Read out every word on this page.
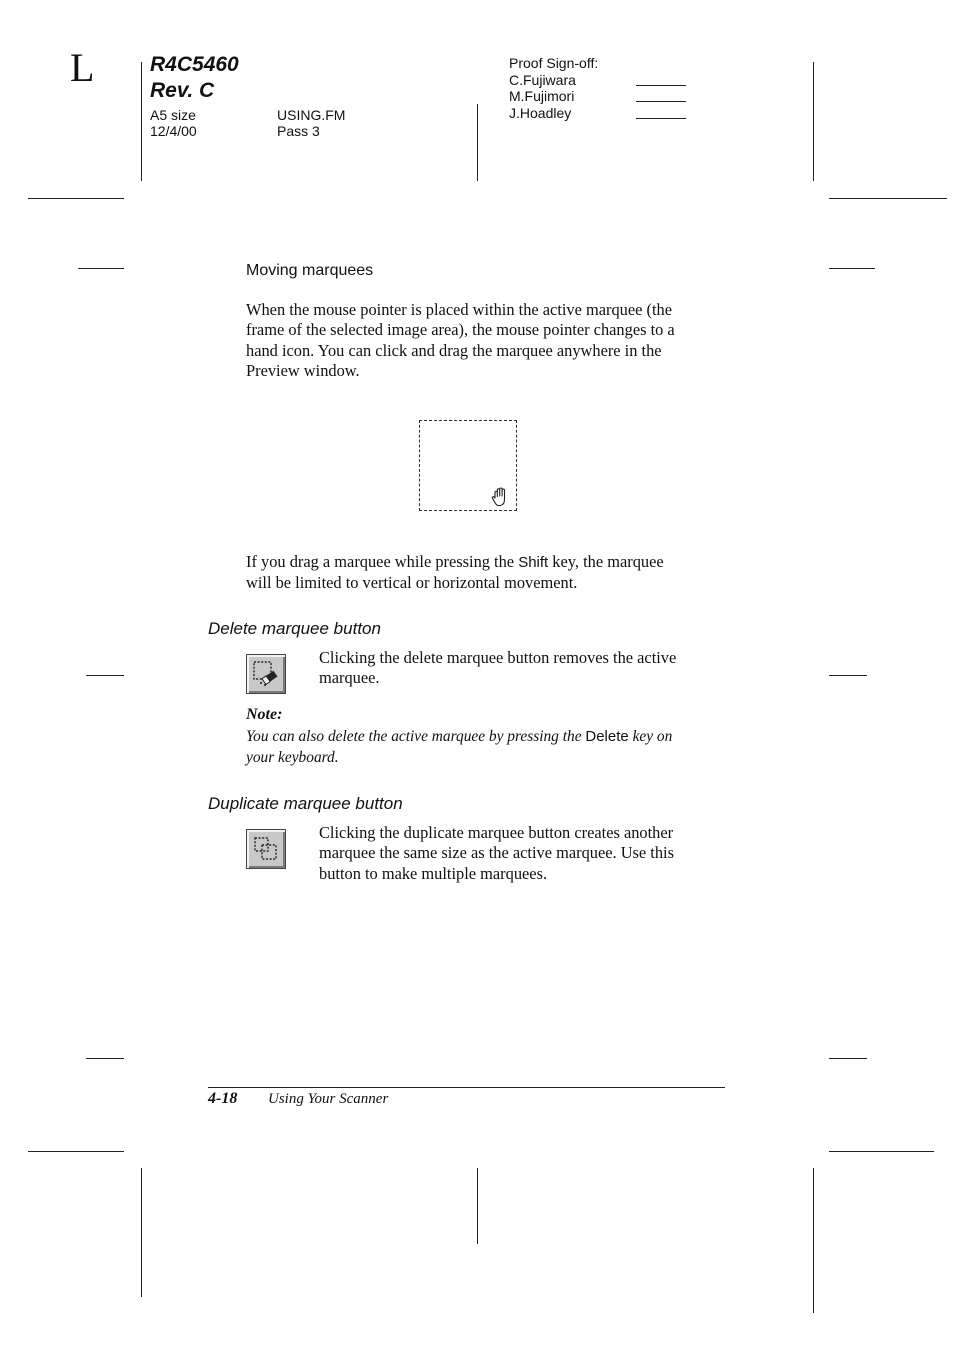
L	R4C5460
Rev. C
A5 size	USING.FM
12/4/00	Pass 3
Proof Sign-off:
C.Fujiwara
M.Fujimori
J.Hoadley
Moving marquees

When the mouse pointer is placed within the active marquee (the

frame of the selected image area), the mouse pointer changes to a

hand icon. You can click and drag the marquee anywhere in the

Preview window.

If you drag a marquee while pressing the Shift key, the marquee

will be limited to vertical or horizontal movement.

Delete marquee button

Clicking the delete marquee button removes the active

marquee.

Note:
You can also delete the active marquee by pressing the Delete key on
your keyboard.
Duplicate marquee button

Clicking the duplicate marquee button creates another

marquee the same size as the active marquee. Use this

button to make multiple marquees.

4-18 Using Your Scanner
